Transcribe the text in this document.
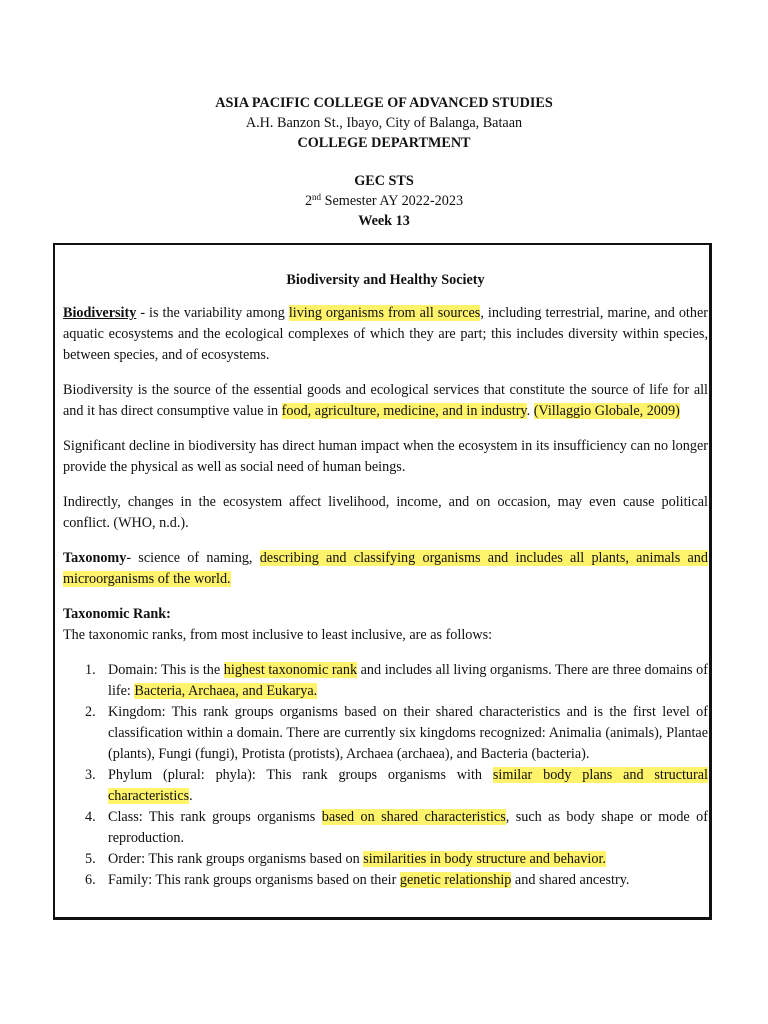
ASIA PACIFIC COLLEGE OF ADVANCED STUDIES
A.H. Banzon St., Ibayo, City of Balanga, Bataan
COLLEGE DEPARTMENT
GEC STS
2nd Semester AY 2022-2023
Week 13
Biodiversity and Healthy Society

Biodiversity - is the variability among living organisms from all sources, including terrestrial, marine, and other aquatic ecosystems and the ecological complexes of which they are part; this includes diversity within species, between species, and of ecosystems.

Biodiversity is the source of the essential goods and ecological services that constitute the source of life for all and it has direct consumptive value in food, agriculture, medicine, and in industry. (Villaggio Globale, 2009)

Significant decline in biodiversity has direct human impact when the ecosystem in its insufficiency can no longer provide the physical as well as social need of human beings.

Indirectly, changes in the ecosystem affect livelihood, income, and on occasion, may even cause political conflict. (WHO, n.d.).

Taxonomy- science of naming, describing and classifying organisms and includes all plants, animals and microorganisms of the world.

Taxonomic Rank:
The taxonomic ranks, from most inclusive to least inclusive, are as follows:
1. Domain: This is the highest taxonomic rank and includes all living organisms. There are three domains of life: Bacteria, Archaea, and Eukarya.
2. Kingdom: This rank groups organisms based on their shared characteristics and is the first level of classification within a domain. There are currently six kingdoms recognized: Animalia (animals), Plantae (plants), Fungi (fungi), Protista (protists), Archaea (archaea), and Bacteria (bacteria).
3. Phylum (plural: phyla): This rank groups organisms with similar body plans and structural characteristics.
4. Class: This rank groups organisms based on shared characteristics, such as body shape or mode of reproduction.
5. Order: This rank groups organisms based on similarities in body structure and behavior.
6. Family: This rank groups organisms based on their genetic relationship and shared ancestry.
